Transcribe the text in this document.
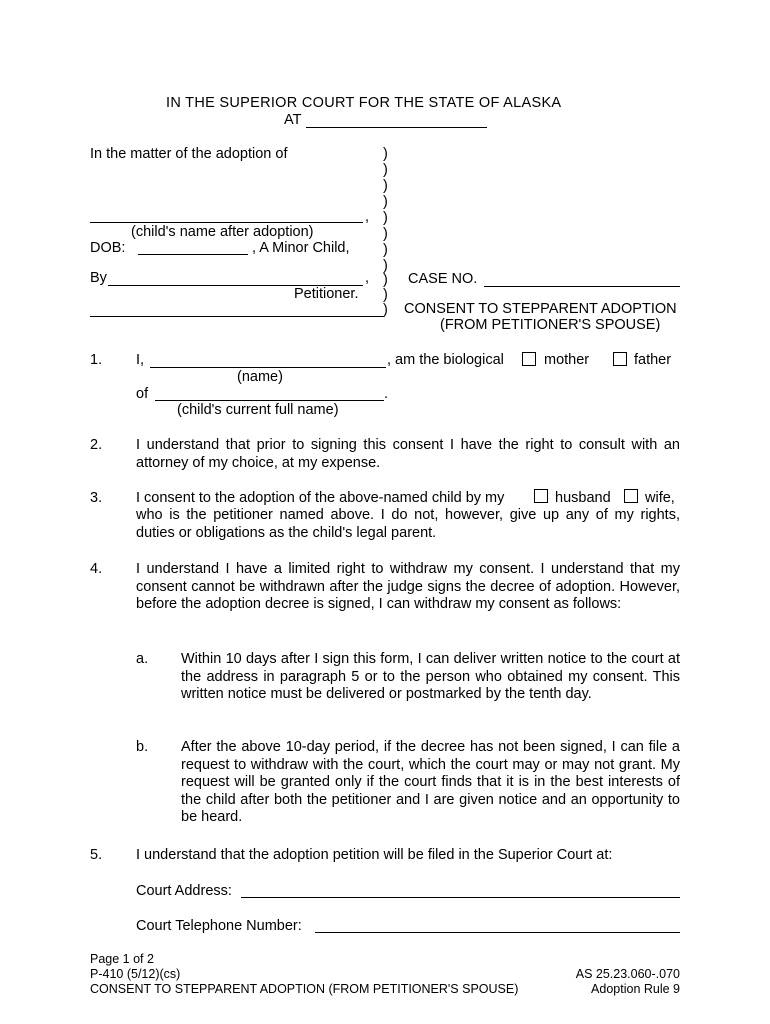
IN THE SUPERIOR COURT FOR THE STATE OF ALASKA
AT
In the matter of the adoption of
,
(child's name after adoption)
DOB:	, A Minor Child,
By	,
Petitioner.
)
)
)
)
)
)
)
)
)
)
)
CASE NO.
CONSENT TO STEPPARENT ADOPTION
(FROM PETITIONER'S SPOUSE)
1. I,	, am the biological	mother	father
(name)
of	.
(child's current full name)
2. I understand that prior to signing this consent I have the right to consult with an attorney of my choice, at my expense.
3. I consent to the adoption of the above-named child by my	husband wife,
who is the petitioner named above. I do not, however, give up any of my rights, duties or obligations as the child's legal parent.
4. I understand I have a limited right to withdraw my consent. I understand that my consent cannot be withdrawn after the judge signs the decree of adoption. However, before the adoption decree is signed, I can withdraw my consent as follows:
a. Within 10 days after I sign this form, I can deliver written notice to the court at the address in paragraph 5 or to the person who obtained my consent. This written notice must be delivered or postmarked by the tenth day.
b. After the above 10-day period, if the decree has not been signed, I can file a request to withdraw with the court, which the court may or may not grant. My request will be granted only if the court finds that it is in the best interests of the child after both the petitioner and I are given notice and an opportunity to be heard.
5. I understand that the adoption petition will be filed in the Superior Court at:
Court Address:
Court Telephone Number:
Page 1 of 2
P-410 (5/12)(cs)
CONSENT TO STEPPARENT ADOPTION (FROM PETITIONER'S SPOUSE)
AS 25.23.060-.070
Adoption Rule 9
